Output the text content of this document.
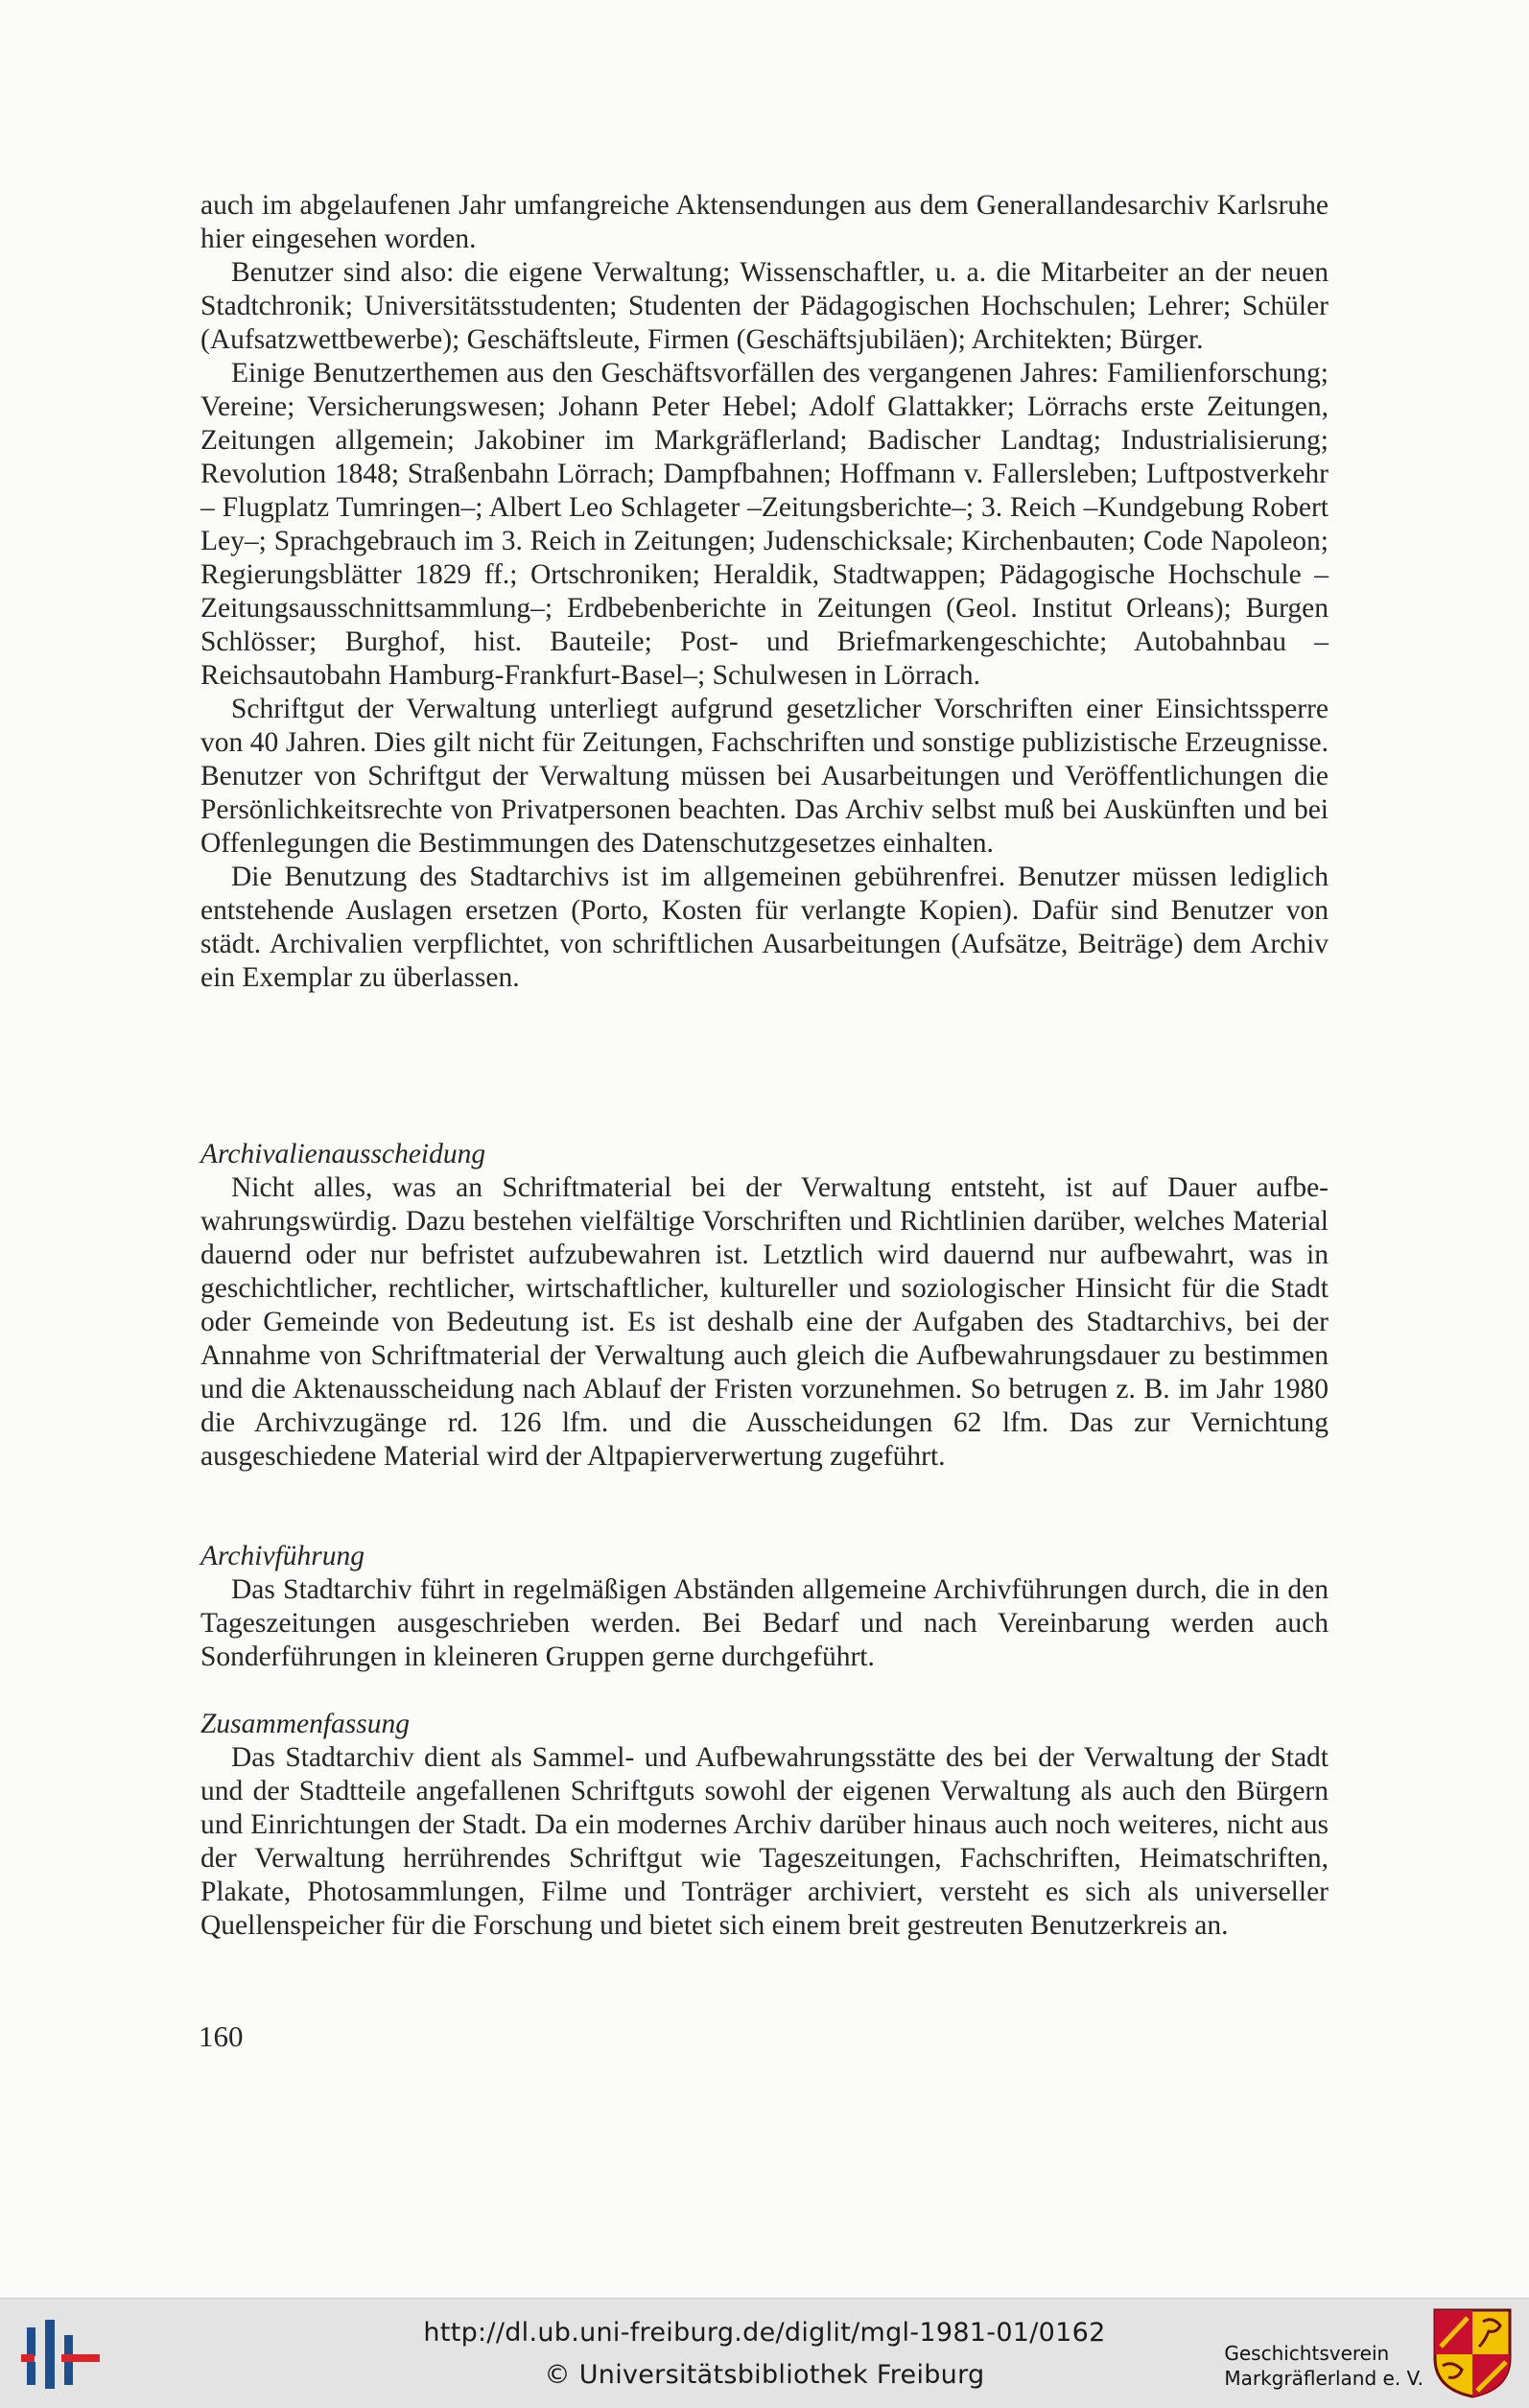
auch im abgelaufenen Jahr umfangreiche Aktensendungen aus dem Generallandesarchiv Karlsruhe hier eingesehen worden.

Benutzer sind also: die eigene Verwaltung; Wissenschaftler, u. a. die Mitarbeiter an der neuen Stadtchronik; Universitätsstudenten; Studenten der Pädagogischen Hochschulen; Lehrer; Schüler (Aufsatzwettbewerbe); Geschäftsleute, Firmen (Geschäftsjubiläen); Architekten; Bürger.

Einige Benutzerthemen aus den Geschäftsvorfällen des vergangenen Jahres: Familienforschung; Vereine; Versicherungswesen; Johann Peter Hebel; Adolf Glattakker; Lörrachs erste Zeitungen, Zeitungen allgemein; Jakobiner im Markgräflerland; Badischer Landtag; Industrialisierung; Revolution 1848; Straßenbahn Lörrach; Dampfbahnen; Hoffmann v. Fallersleben; Luftpostverkehr – Flugplatz Tumringen–; Albert Leo Schlageter –Zeitungsberichte–; 3. Reich –Kundgebung Robert Ley–; Sprachgebrauch im 3. Reich in Zeitungen; Judenschicksale; Kirchenbauten; Code Napoleon; Regierungsblätter 1829 ff.; Ortschroniken; Heraldik, Stadtwappen; Pädagogische Hochschule –Zeitungsausschnittsammlung–; Erdbebenberichte in Zeitungen (Geol. Institut Orleans); Burgen Schlösser; Burghof, hist. Bauteile; Post- und Briefmarkengeschichte; Autobahnbau –Reichsautobahn Hamburg-Frankfurt-Basel–; Schulwesen in Lörrach.

Schriftgut der Verwaltung unterliegt aufgrund gesetzlicher Vorschriften einer Einsichtssperre von 40 Jahren. Dies gilt nicht für Zeitungen, Fachschriften und sonstige publizistische Erzeugnisse. Benutzer von Schriftgut der Verwaltung müssen bei Ausarbeitungen und Veröffentlichungen die Persönlichkeitsrechte von Privatpersonen beachten. Das Archiv selbst muß bei Auskünften und bei Offenlegungen die Bestimmungen des Datenschutzgesetzes einhalten.

Die Benutzung des Stadtarchivs ist im allgemeinen gebührenfrei. Benutzer müssen lediglich entstehende Auslagen ersetzen (Porto, Kosten für verlangte Kopien). Dafür sind Benutzer von städt. Archivalien verpflichtet, von schriftlichen Ausarbeitungen (Aufsätze, Beiträge) dem Archiv ein Exemplar zu überlassen.

Archivalienausscheidung

Nicht alles, was an Schriftmaterial bei der Verwaltung entsteht, ist auf Dauer aufbewahrungswürdig. Dazu bestehen vielfältige Vorschriften und Richtlinien darüber, welches Material dauernd oder nur befristet aufzubewahren ist. Letztlich wird dauernd nur aufbewahrt, was in geschichtlicher, rechtlicher, wirtschaftlicher, kultureller und soziologischer Hinsicht für die Stadt oder Gemeinde von Bedeutung ist. Es ist deshalb eine der Aufgaben des Stadtarchivs, bei der Annahme von Schriftmaterial der Verwaltung auch gleich die Aufbewahrungsdauer zu bestimmen und die Aktenausscheidung nach Ablauf der Fristen vorzunehmen. So betrugen z. B. im Jahr 1980 die Archivzugänge rd. 126 lfm. und die Ausscheidungen 62 lfm. Das zur Vernichtung ausgeschiedene Material wird der Altpapierverwertung zugeführt.

Archivführung

Das Stadtarchiv führt in regelmäßigen Abständen allgemeine Archivführungen durch, die in den Tageszeitungen ausgeschrieben werden. Bei Bedarf und nach Vereinbarung werden auch Sonderführungen in kleineren Gruppen gerne durchgeführt.

Zusammenfassung

Das Stadtarchiv dient als Sammel- und Aufbewahrungsstätte des bei der Verwaltung der Stadt und der Stadtteile angefallenen Schriftguts sowohl der eigenen Verwaltung als auch den Bürgern und Einrichtungen der Stadt. Da ein modernes Archiv darüber hinaus auch noch weiteres, nicht aus der Verwaltung herrührendes Schriftgut wie Tageszeitungen, Fachschriften, Heimatschriften, Plakate, Photosammlungen, Filme und Tonträger archiviert, versteht es sich als universeller Quellenspeicher für die Forschung und bietet sich einem breit gestreuten Benutzerkreis an.

160
http://dl.ub.uni-freiburg.de/diglit/mgl-1981-01/0162
© Universitätsbibliothek Freiburg
Geschichtsverein
Markgräflerland e. V.
